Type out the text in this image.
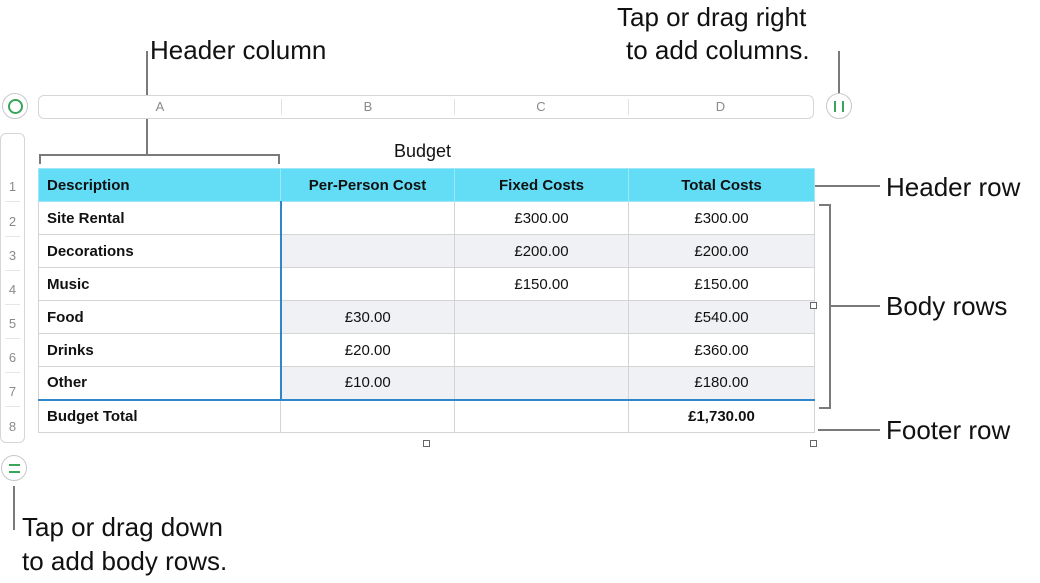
Header column
Tap or drag right
to add columns.
Header row
Body rows
Footer row
Tap or drag down
to add body rows.
A	B	C	D
1
2
3
4
5
6
7
8
Budget
Description	Per-Person Cost	Fixed Costs	Total Costs
Site Rental		£300.00	£300.00
Decorations		£200.00	£200.00
Music		£150.00	£150.00
Food	£30.00		£540.00
Drinks	£20.00		£360.00
Other	£10.00		£180.00
Budget Total			£1,730.00
